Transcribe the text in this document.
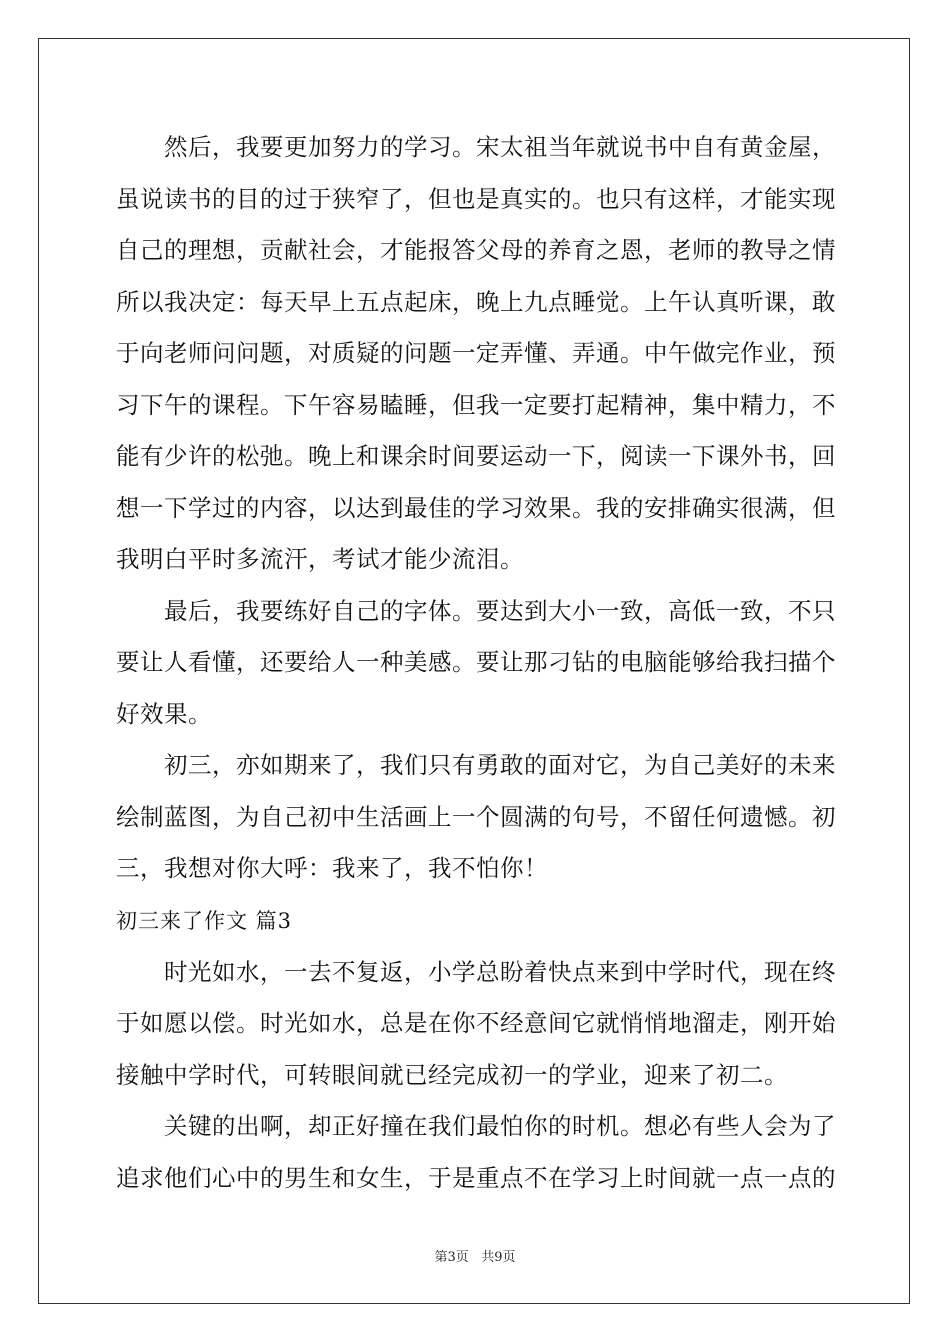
然后，我要更加努力的学习。宋太祖当年就说书中自有黄金屋，虽说读书的目的过于狭窄了，但也是真实的。也只有这样，才能实现自己的理想，贡献社会，才能报答父母的养育之恩，老师的教导之情所以我决定：每天早上五点起床，晚上九点睡觉。上午认真听课，敢于向老师问问题，对质疑的问题一定弄懂、弄通。中午做完作业，预习下午的课程。下午容易瞌睡，但我一定要打起精神，集中精力，不能有少许的松弛。晚上和课余时间要运动一下，阅读一下课外书，回想一下学过的内容，以达到最佳的学习效果。我的安排确实很满，但我明白平时多流汗，考试才能少流泪。

最后，我要练好自己的字体。要达到大小一致，高低一致，不只要让人看懂，还要给人一种美感。要让那刁钻的电脑能够给我扫描个好效果。

初三，亦如期来了，我们只有勇敢的面对它，为自己美好的未来绘制蓝图，为自己初中生活画上一个圆满的句号，不留任何遗憾。初三，我想对你大呼：我来了，我不怕你！

初三来了作文 篇3

时光如水，一去不复返，小学总盼着快点来到中学时代，现在终于如愿以偿。时光如水，总是在你不经意间它就悄悄地溜走，刚开始接触中学时代，可转眼间就已经完成初一的学业，迎来了初二。

关键的出啊，却正好撞在我们最怕你的时机。想必有些人会为了追求他们心中的男生和女生，于是重点不在学习上时间就一点一点的

第3页 共9页
